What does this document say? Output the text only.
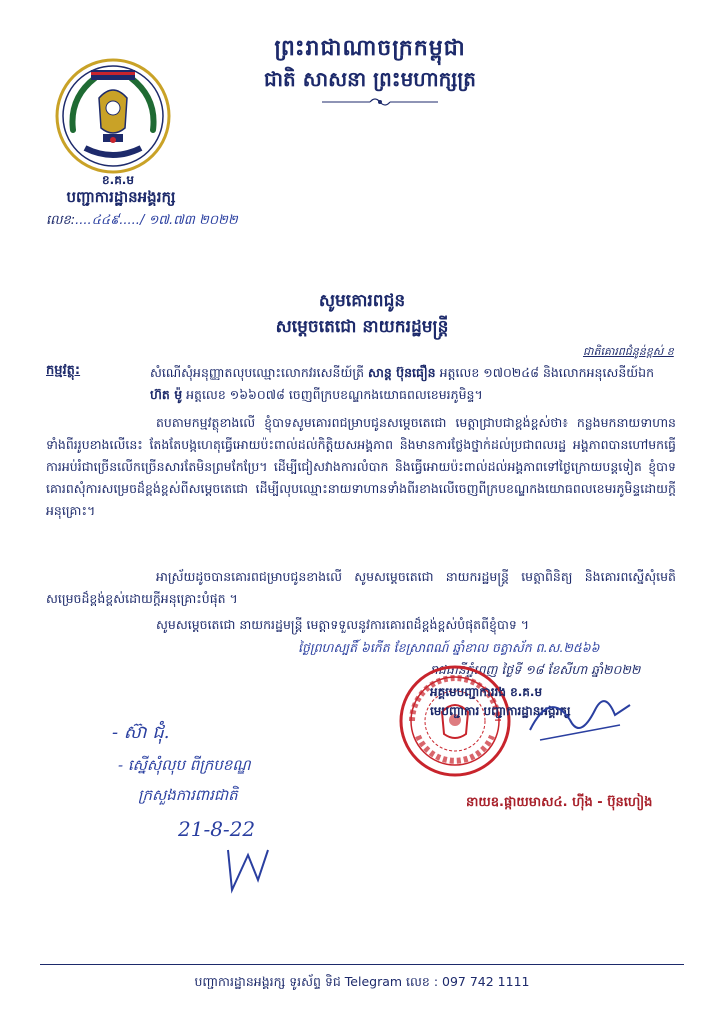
ព្រះរាជាណាចក្រកម្ពុជា
ជាតិ សាសនា ព្រះមហាក្សត្រ
ខ.គ.ម
បញ្ជាការដ្ឋានអង្គរក្ស
លេខ:....៤៤៩...../ ១៧.៧៣ ២០២២
សូមគោរពជូន
សម្តេចតេជោ នាយករដ្ឋមន្ត្រី
ជាតិគោរពជំនូន់ខ្ពស់ ខ
កម្មវត្ថុ:	សំណើសុំអនុញ្ញាតលុបឈ្មោះលោកវរសេនីយ៍ត្រី សាន្ត ប៊ុនធឿន អត្តលេខ ១៧០២៤៨ និងលោកអនុសេនីយ៍ឯក ហ៊ត ម៉ូ អត្តលេខ ១៦៦០៧៨ ចេញពីក្របខណ្ឌកងយោធពលខេមរភូមិន្ទ។
តបតាមកម្មវត្ថុខាងលើ ខ្ញុំបាទសូមគោរពជម្រាបជូនសម្តេចតេជោ មេត្តាជ្រាបជាខ្ពង់ខ្ពស់ថា៖ កន្លងមកនាយទាហានទាំងពីររូបខាងលើនេះ តែងតែបង្កហេតុធ្វើអោយប៉ះពាល់ដល់កិត្តិយសអង្គភាព និងមានការថ្លែងថ្នាក់ដល់ប្រជាពលរដ្ឋ អង្គភាពបានហៅមកធ្វើការអប់រំជាច្រើនលើកច្រើនសារតែមិនព្រមកែប្រែ។ ដើម្បីជៀសវាងការលំបាក និងធ្វើអោយប៉ះពាល់ដល់អង្គភាពទៅថ្ងៃក្រោយបន្តទៀត ខ្ញុំបាទគោរពសុំការសម្រេចដ៏ខ្ពង់ខ្ពស់ពីសម្តេចតេជោ ដើម្បីលុបឈ្មោះនាយទាហានទាំងពីរខាងលើចេញពីក្របខណ្ឌកងយោធពលខេមរភូមិន្ទដោយក្តីអនុគ្រោះ។
អាស្រ័យដូចបានគោរពជម្រាបជូនខាងលើ សូមសម្តេចតេជោ នាយករដ្ឋមន្ត្រី មេត្តាពិនិត្យ និងគោរពស្នើសុំមេតិសម្រេចដ៏ខ្ពង់ខ្ពស់ដោយក្តីអនុគ្រោះបំផុត ។
សូមសម្តេចតេជោ នាយករដ្ឋមន្ត្រី មេត្តាទទួលនូវការគោរពដ៏ខ្ពង់ខ្ពស់បំផុតពីខ្ញុំបាទ ។
ថ្ងៃព្រហស្បតិ៍ ៦កើត ខែស្រាពណ៍ ឆ្នាំខាល ចត្វាស័ក ព.ស.២៥៦៦
រាជធានីភ្នំពេញ ថ្ងៃទី ១៨ ខែសីហា ឆ្នាំ២០២២
អគ្គមេបញ្ជាការរង ខ.គ.ម
មេបញ្ជាការ បញ្ជាការដ្ឋានអង្គរក្ស
នាយឧ.ផ្កាយមាស៤. ហ៊ីង - ប៊ុនហៀង
- ស៊ា ជុំ.
- ស្នើសុំលុប ពីក្របខណ្ឌ
ក្រសួងការពារជាតិ
21-8-22
បញ្ជាការដ្ឋានអង្គរក្ស ទូរស័ព្ទ ទិជ Telegram លេខ : 097 742 1111
